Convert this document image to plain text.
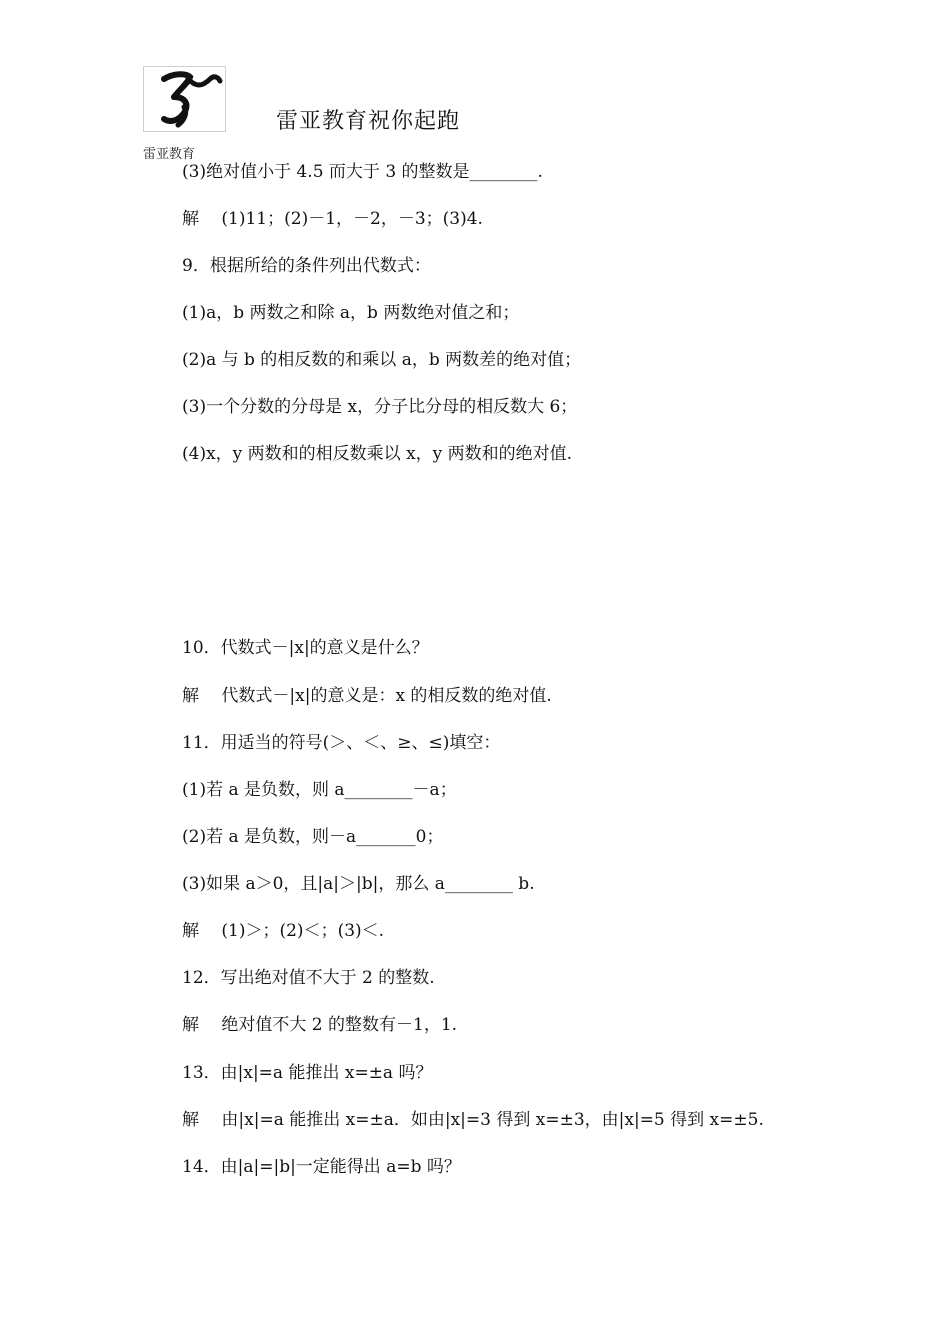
雷亚教育
雷亚教育祝你起跑
(3)绝对值小于 4.5 而大于 3 的整数是________.
解　 (1)11；(2)－1，－2，－3；(3)4.
9．根据所给的条件列出代数式：
(1)a，b 两数之和除 a，b 两数绝对值之和；
(2)a 与 b 的相反数的和乘以 a，b 两数差的绝对值；
(3)一个分数的分母是 x，分子比分母的相反数大 6；
(4)x，y 两数和的相反数乘以 x，y 两数和的绝对值.
10．代数式－|x|的意义是什么？
解　 代数式－|x|的意义是：x 的相反数的绝对值.
11．用适当的符号(＞、＜、≥、≤)填空：
(1)若 a 是负数，则 a________－a；
(2)若 a 是负数，则－a_______0；
(3)如果 a＞0，且|a|＞|b|，那么 a________ b.
解　 (1)＞；(2)＜；(3)＜.
12．写出绝对值不大于 2 的整数.
解　 绝对值不大 2 的整数有－1，1.
13．由|x|=a 能推出 x=±a 吗？
解　 由|x|=a 能推出 x=±a．如由|x|=3 得到 x=±3，由|x|=5 得到 x=±5.
14．由|a|=|b|一定能得出 a=b 吗？
